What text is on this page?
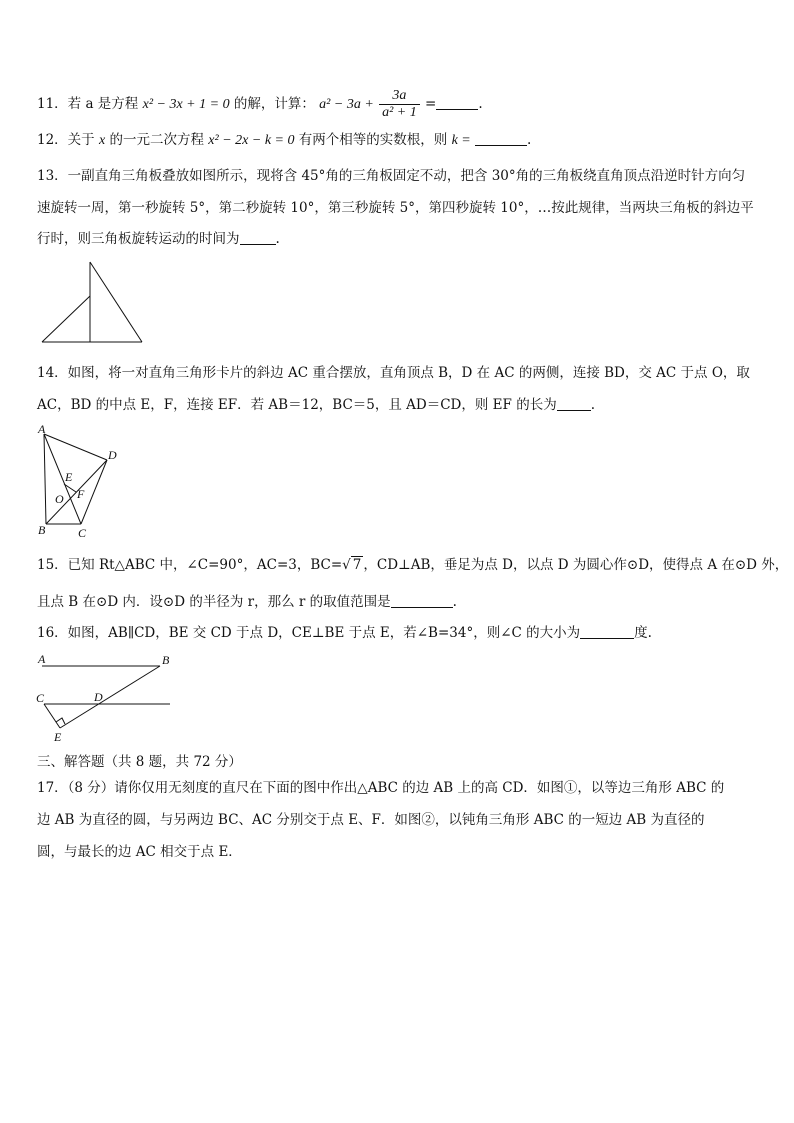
11．若 a 是方程 x² − 3x + 1 = 0 的解，计算： $a^2 - 3a + \frac{3a}{\text{a² + 1}}$ =	.
12．关于 x 的一元二次方程 x² − 2x − k = 0 有两个相等的实数根，则 k =	.
13．一副直角三角板叠放如图所示，现将含 45°角的三角板固定不动，把含 30°角的三角板绕直角顶点沿逆时针方向匀
速旋转一周，第一秒旋转 5°，第二秒旋转 10°，第三秒旋转 5°，第四秒旋转 10°，…按此规律，当两块三角板的斜边平
行时，则三角板旋转运动的时间为	.
14．如图，将一对直角三角形卡片的斜边 AC 重合摆放，直角顶点 B，D 在 AC 的两侧，连接 BD，交 AC 于点 O，取
AC，BD 的中点 E，F，连接 EF．若 AB＝12，BC＝5，且 AD＝CD，则 EF 的长为	.
A
D
E
O F
B	C
15．已知 Rt△ABC 中，∠C=90°，AC=3，BC=√ 7 ，CD⊥AB，垂足为点 D，以点 D 为圆心作⊙D，使得点 A 在⊙D 外，
且点 B 在⊙D 内．设⊙D 的半径为 r，那么 r 的取值范围是	.
16．如图，AB∥CD，BE 交 CD 于点 D，CE⊥BE 于点 E，若∠B=34°，则∠C 的大小为	度.
A	B
C	D
E
三、解答题（共 8 题，共 72 分）
17．（8 分）请你仅用无刻度的直尺在下面的图中作出△ABC 的边 AB 上的高 CD．如图①，以等边三角形 ABC 的
边 AB 为直径的圆，与另两边 BC、AC 分别交于点 E、F．如图②，以钝角三角形 ABC 的一短边 AB 为直径的
圆，与最长的边 AC 相交于点 E．
